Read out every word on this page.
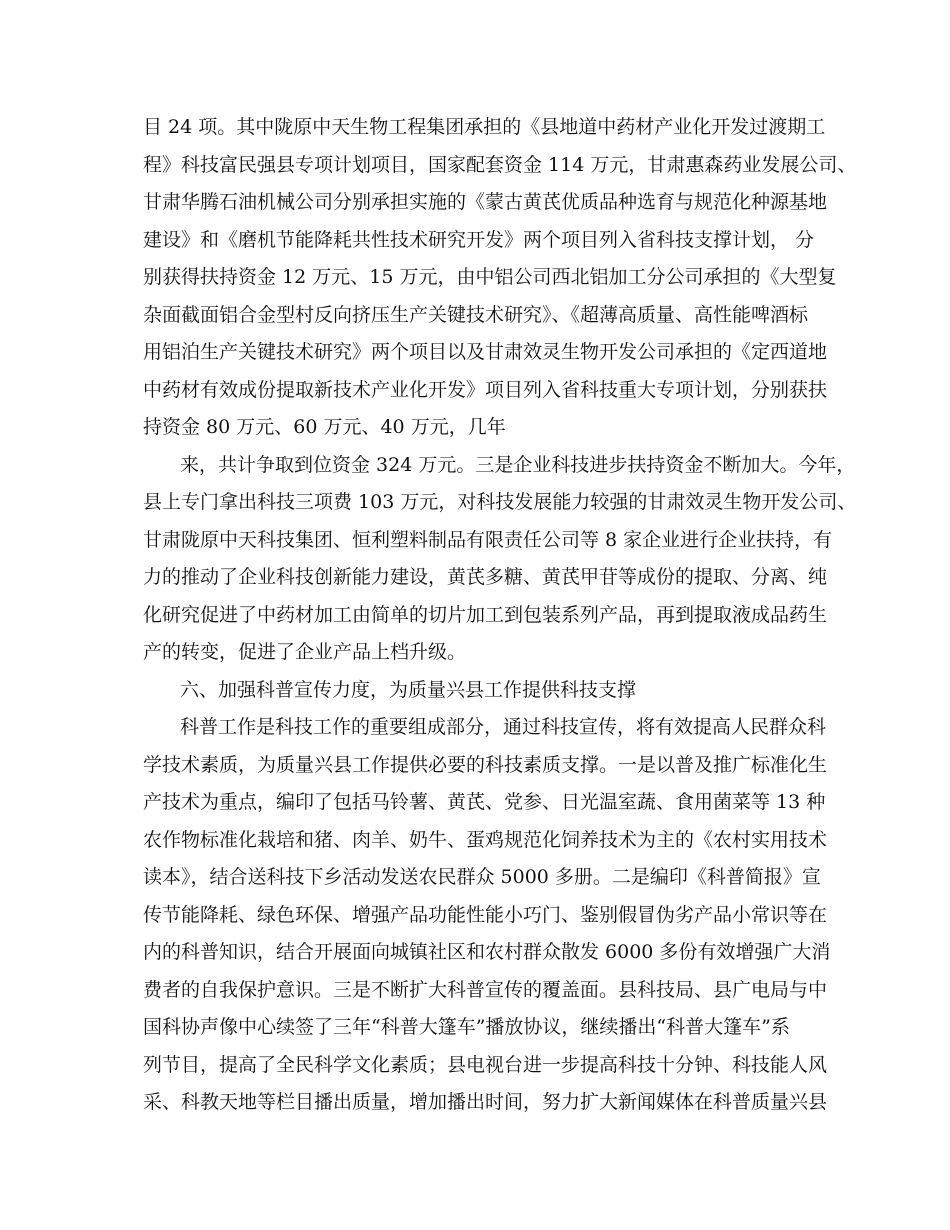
目 24 项。其中陇原中天生物工程集团承担的《县地道中药材产业化开发过渡期工

程》科技富民强县专项计划项目，国家配套资金 114 万元，甘肃惠森药业发展公司、

甘肃华腾石油机械公司分别承担实施的《蒙古黄芪优质品种选育与规范化种源基地

建设》和《磨机节能降耗共性技术研究开发》两个项目列入省科技支撑计划， 分

别获得扶持资金 12 万元、15 万元，由中铝公司西北铝加工分公司承担的《大型复

杂面截面铝合金型村反向挤压生产关键技术研究》、《超薄高质量、高性能啤酒标

用铝泊生产关键技术研究》两个项目以及甘肃效灵生物开发公司承担的《定西道地

中药材有效成份提取新技术产业化开发》项目列入省科技重大专项计划，分别获扶

持资金 80 万元、60 万元、40 万元，几年

来，共计争取到位资金 324 万元。三是企业科技进步扶持资金不断加大。今年，

县上专门拿出科技三项费 103 万元，对科技发展能力较强的甘肃效灵生物开发公司、

甘肃陇原中天科技集团、恒利塑料制品有限责任公司等 8 家企业进行企业扶持，有

力的推动了企业科技创新能力建设，黄芪多糖、黄芪甲苷等成份的提取、分离、纯

化研究促进了中药材加工由简单的切片加工到包装系列产品，再到提取液成品药生

产的转变，促进了企业产品上档升级。

六、加强科普宣传力度，为质量兴县工作提供科技支撑

科普工作是科技工作的重要组成部分，通过科技宣传，将有效提高人民群众科

学技术素质，为质量兴县工作提供必要的科技素质支撑。一是以普及推广标准化生

产技术为重点，编印了包括马铃薯、黄芪、党参、日光温室蔬、食用菌菜等 13 种

农作物标准化栽培和猪、肉羊、奶牛、蛋鸡规范化饲养技术为主的《农村实用技术

读本》，结合送科技下乡活动发送农民群众 5000 多册。二是编印《科普简报》宣

传节能降耗、绿色环保、增强产品功能性能小巧门、鉴别假冒伪劣产品小常识等在

内的科普知识，结合开展面向城镇社区和农村群众散发 6000 多份有效增强广大消

费者的自我保护意识。三是不断扩大科普宣传的覆盖面。县科技局、县广电局与中

国科协声像中心续签了三年“科普大篷车”播放协议，继续播出“科普大篷车”系

列节目，提高了全民科学文化素质；县电视台进一步提高科技十分钟、科技能人风

采、科教天地等栏目播出质量，增加播出时间，努力扩大新闻媒体在科普质量兴县
